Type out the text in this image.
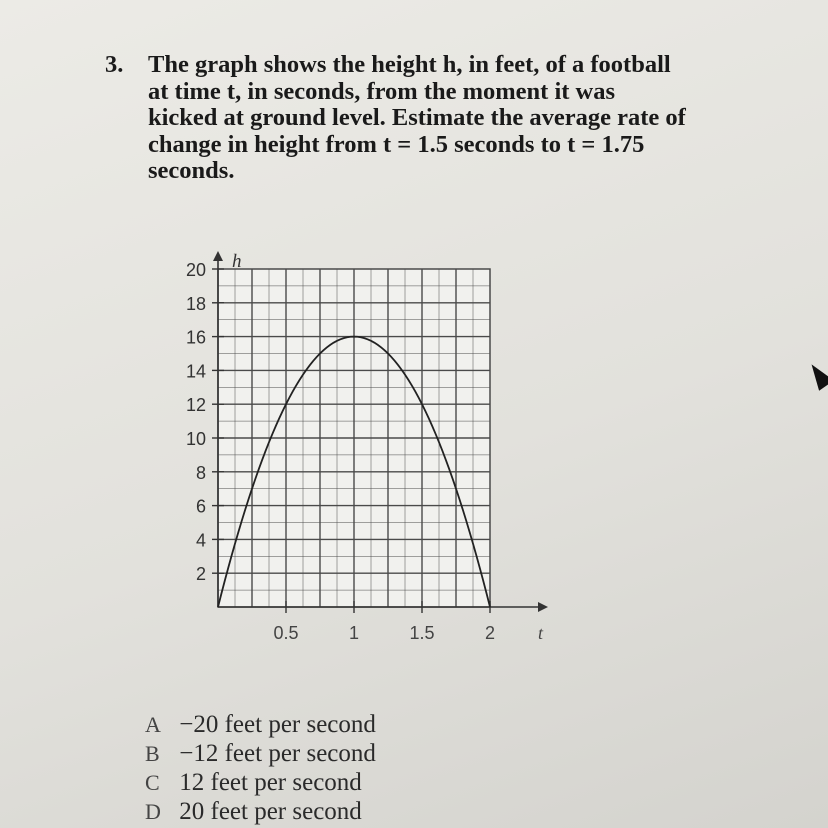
3. The graph shows the height h, in feet, of a football
at time t, in seconds, from the moment it was
kicked at ground level. Estimate the average rate of
change in height from t = 1.5 seconds to t = 1.75
seconds.
2
4
6
8
10
12
14
16
18
20
0.5	1	1.5	2
h
t
A −20 feet per second
B −12 feet per second
C 12 feet per second
D 20 feet per second
